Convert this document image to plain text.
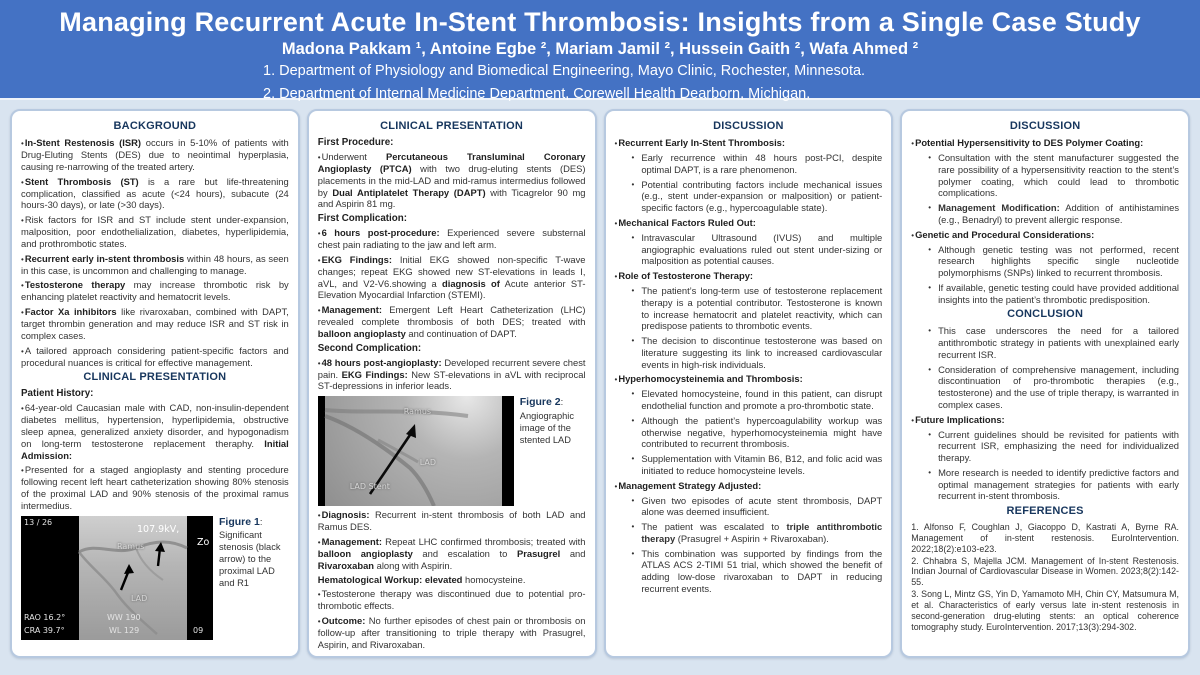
Managing Recurrent Acute In-Stent Thrombosis: Insights from a Single Case Study
Madona Pakkam ¹, Antoine Egbe ², Mariam Jamil ², Hussein Gaith ², Wafa Ahmed ²
1. Department of Physiology and Biomedical Engineering, Mayo Clinic, Rochester, Minnesota.
2. Department of Internal Medicine Department, Corewell Health Dearborn, Michigan.
BACKGROUND

•In-Stent Restenosis (ISR) occurs in 5-10% of patients with Drug-Eluting Stents (DES) due to neointimal hyperplasia, causing re-narrowing of the treated artery.

•Stent Thrombosis (ST) is a rare but life-threatening complication, classified as acute (<24 hours), subacute (24 hours-30 days), or late (>30 days).

•Risk factors for ISR and ST include stent under-expansion, malposition, poor endothelialization, diabetes, hyperlipidemia, and prothrombotic states.

•Recurrent early in-stent thrombosis within 48 hours, as seen in this case, is uncommon and challenging to manage.

•Testosterone therapy may increase thrombotic risk by enhancing platelet reactivity and hematocrit levels.

•Factor Xa inhibitors like rivaroxaban, combined with DAPT, target thrombin generation and may reduce ISR and ST risk in complex cases.

•A tailored approach considering patient-specific factors and procedural nuances is critical for effective management.

CLINICAL PRESENTATION

Patient History:

•64-year-old Caucasian male with CAD, non-insulin-dependent diabetes mellitus, hypertension, hyperlipidemia, obstructive sleep apnea, generalized anxiety disorder, and hypogonadism on long-term testosterone replacement theraphy. Initial Admission:

•Presented for a staged angioplasty and stenting procedure following recent left heart catheterization showing 80% stenosis of the proximal LAD and 90% stenosis of the proximal ramus intermedius.

13 / 26
107.9kV,
Zo
Ramus
LAD
RAO 16.2°
CRA 39.7°
WW 190
WL 129	09
Figure 1: Significant stenosis (black arrow) to the proximal LAD and R1
CLINICAL PRESENTATION

First Procedure:

•Underwent Percutaneous Transluminal Coronary Angioplasty (PTCA) with two drug-eluting stents (DES) placements in the mid-LAD and mid-ramus intermedius followed by Dual Antiplatelet Therapy (DAPT) with Ticagrelor 90 mg and Aspirin 81 mg.

First Complication:

•6 hours post-procedure: Experienced severe substernal chest pain radiating to the jaw and left arm.

•EKG Findings: Initial EKG showed non-specific T-wave changes; repeat EKG showed new ST-elevations in leads I, aVL, and V2-V6.showing a diagnosis of Acute anterior ST-Elevation Myocardial Infarction (STEMI).

•Management: Emergent Left Heart Catheterization (LHC) revealed complete thrombosis of both DES; treated with balloon angioplasty and continuation of DAPT.

Second Complication:

•48 hours post-angioplasty: Developed recurrent severe chest pain. EKG Findings: New ST-elevations in aVL with reciprocal ST-depressions in inferior leads.

Ramus
LAD
LAD Stent
Figure 2: Angiographic image of the stented LAD

•Diagnosis: Recurrent in-stent thrombosis of both LAD and Ramus DES.

•Management: Repeat LHC confirmed thrombosis; treated with balloon angioplasty and escalation to Prasugrel and Rivaroxaban along with Aspirin.

Hematological Workup: elevated homocysteine.

•Testosterone therapy was discontinued due to potential pro-thrombotic effects.

•Outcome: No further episodes of chest pain or thrombosis on follow-up after transitioning to triple therapy with Prasugrel, Aspirin, and Rivaroxaban.

DISCUSSION

•Recurrent Early In-Stent Thrombosis:

• Early recurrence within 48 hours post-PCI, despite optimal DAPT, is a rare phenomenon.
• Potential contributing factors include mechanical issues (e.g., stent under-expansion or malposition) or patient-specific factors (e.g., hypercoagulable state).

•Mechanical Factors Ruled Out:

• Intravascular Ultrasound (IVUS) and multiple angiographic evaluations ruled out stent under-sizing or malposition as potential causes.

•Role of Testosterone Therapy:

• The patient’s long-term use of testosterone replacement therapy is a potential contributor. Testosterone is known to increase hematocrit and platelet reactivity, which can predispose patients to thrombotic events.
• The decision to discontinue testosterone was based on literature suggesting its link to increased cardiovascular events in high-risk individuals.

•Hyperhomocysteinemia and Thrombosis:

• Elevated homocysteine, found in this patient, can disrupt endothelial function and promote a pro-thrombotic state.
• Although the patient’s hypercoagulability workup was otherwise negative, hyperhomocysteinemia might have contributed to recurrent thrombosis.
• Supplementation with Vitamin B6, B12, and folic acid was initiated to reduce homocysteine levels.

•Management Strategy Adjusted:

• Given two episodes of acute stent thrombosis, DAPT alone was deemed insufficient.
• The patient was escalated to triple antithrombotic therapy (Prasugrel + Aspirin + Rivaroxaban).
• This combination was supported by findings from the ATLAS ACS 2-TIMI 51 trial, which showed the benefit of adding low-dose rivaroxaban to DAPT in reducing recurrent events.
DISCUSSION

•Potential Hypersensitivity to DES Polymer Coating:

• Consultation with the stent manufacturer suggested the rare possibility of a hypersensitivity reaction to the stent’s polymer coating, which could lead to thrombotic complications.
• Management Modification: Addition of antihistamines (e.g., Benadryl) to prevent allergic response.

•Genetic and Procedural Considerations:

• Although genetic testing was not performed, recent research highlights specific single nucleotide polymorphisms (SNPs) linked to recurrent thrombosis.
• If available, genetic testing could have provided additional insights into the patient’s thrombotic predisposition.
CONCLUSION
• This case underscores the need for a tailored antithrombotic strategy in patients with unexplained early recurrent ISR.
• Consideration of comprehensive management, including discontinuation of pro-thrombotic therapies (e.g., testosterone) and the use of triple therapy, is warranted in complex cases.

•Future Implications:

• Current guidelines should be revisited for patients with recurrent ISR, emphasizing the need for individualized therapy.
• More research is needed to identify predictive factors and optimal management strategies for patients with early recurrent in-stent thrombosis.
REFERENCES

1. Alfonso F, Coughlan J, Giacoppo D, Kastrati A, Byrne RA. Management of in-stent restenosis. EuroIntervention. 2022;18(2):e103-e23.

2. Chhabra S, Majella JCM. Management of In-stent Restenosis. Indian Journal of Cardiovascular Disease in Women. 2023;8(2):142-55.

3. Song L, Mintz GS, Yin D, Yamamoto MH, Chin CY, Matsumura M, et al. Characteristics of early versus late in-stent restenosis in second-generation drug-eluting stents: an optical coherence tomography study. EuroIntervention. 2017;13(3):294-302.
